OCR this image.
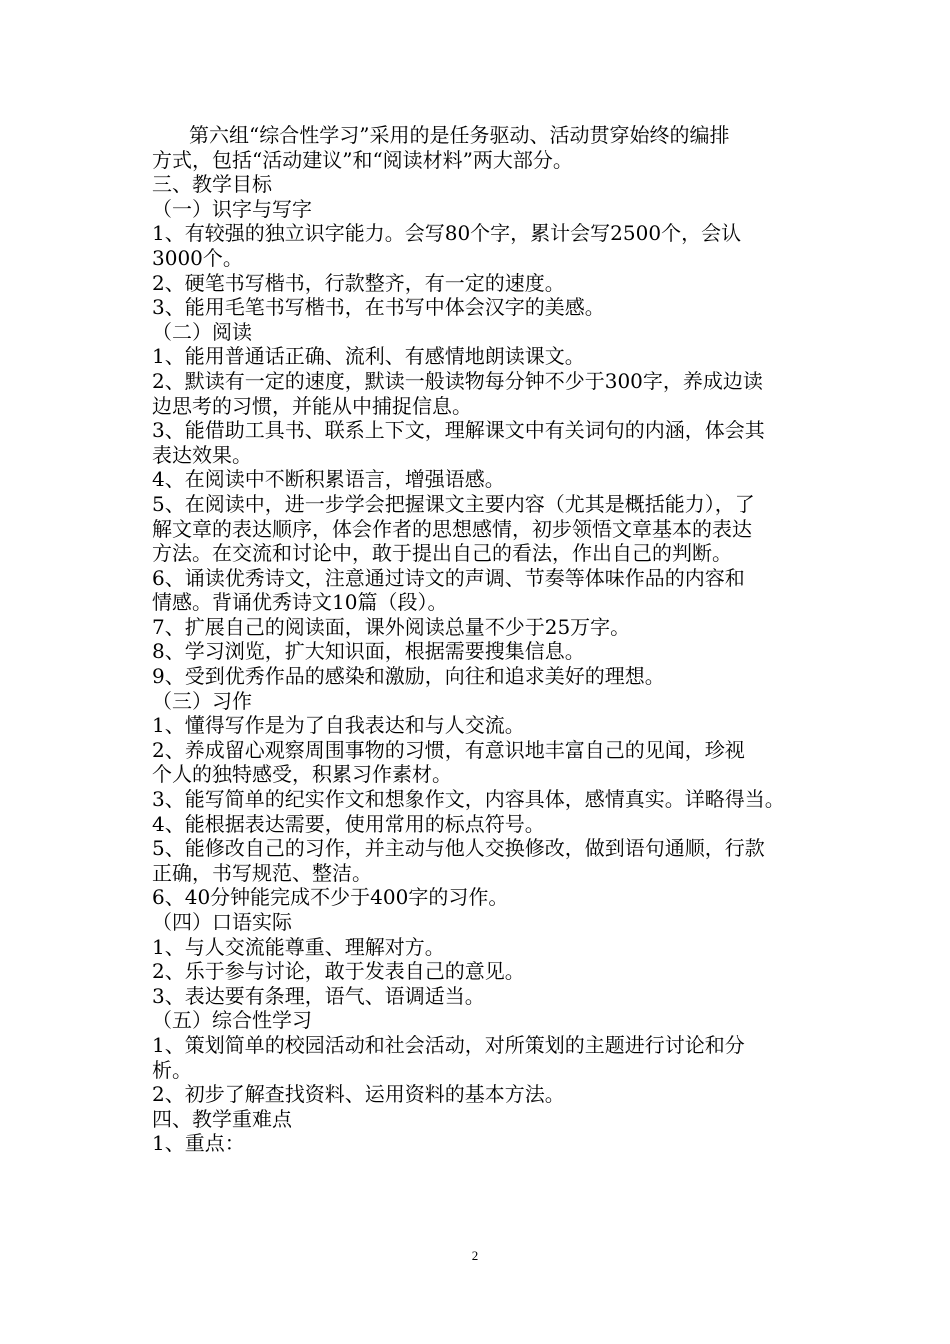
第六组“综合性学习”采用的是任务驱动、活动贯穿始终的编排
方式，包括“活动建议”和“阅读材料”两大部分。
三、教学目标
（一）识字与写字
1、有较强的独立识字能力。会写80个字，累计会写2500个，会认
3000个。
2、硬笔书写楷书，行款整齐，有一定的速度。
3、能用毛笔书写楷书，在书写中体会汉字的美感。
（二）阅读
1、能用普通话正确、流利、有感情地朗读课文。
2、默读有一定的速度，默读一般读物每分钟不少于300字，养成边读
边思考的习惯，并能从中捕捉信息。
3、能借助工具书、联系上下文，理解课文中有关词句的内涵，体会其
表达效果。
4、在阅读中不断积累语言，增强语感。
5、在阅读中，进一步学会把握课文主要内容（尤其是概括能力），了
解文章的表达顺序，体会作者的思想感情，初步领悟文章基本的表达
方法。在交流和讨论中，敢于提出自己的看法，作出自己的判断。
6、诵读优秀诗文，注意通过诗文的声调、节奏等体味作品的内容和
情感。背诵优秀诗文10篇（段）。
7、扩展自己的阅读面，课外阅读总量不少于25万字。
8、学习浏览，扩大知识面，根据需要搜集信息。
9、受到优秀作品的感染和激励，向往和追求美好的理想。
（三）习作
1、懂得写作是为了自我表达和与人交流。
2、养成留心观察周围事物的习惯，有意识地丰富自己的见闻，珍视
个人的独特感受，积累习作素材。
3、能写简单的纪实作文和想象作文，内容具体，感情真实。详略得当。
4、能根据表达需要，使用常用的标点符号。
5、能修改自己的习作，并主动与他人交换修改，做到语句通顺，行款
正确，书写规范、整洁。
6、40分钟能完成不少于400字的习作。
（四）口语实际
1、与人交流能尊重、理解对方。
2、乐于参与讨论，敢于发表自己的意见。
3、表达要有条理，语气、语调适当。
（五）综合性学习
1、策划简单的校园活动和社会活动，对所策划的主题进行讨论和分
析。
2、初步了解查找资料、运用资料的基本方法。
四、教学重难点
1、重点：
2
